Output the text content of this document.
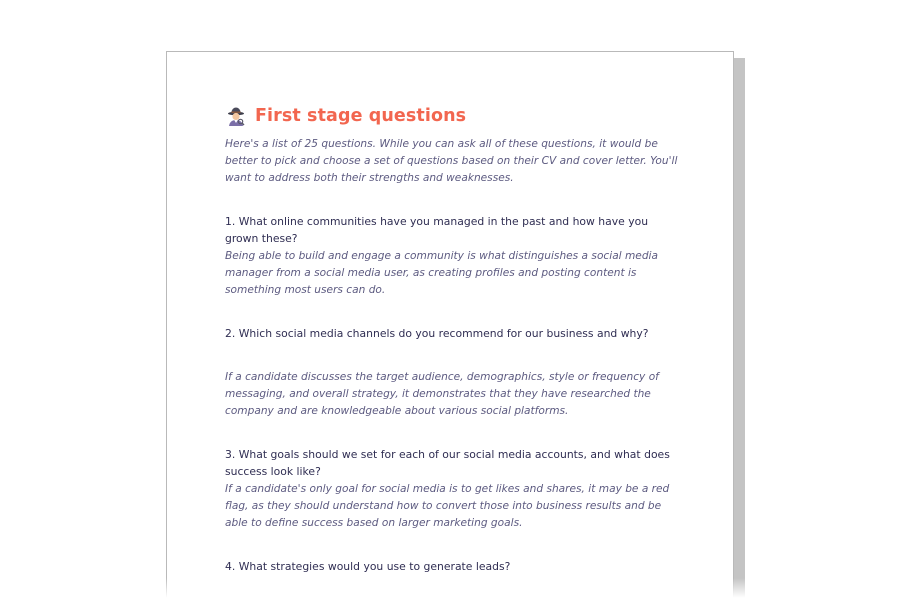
First stage questions

Here's a list of 25 questions. While you can ask all of these questions, it would be better to pick and choose a set of questions based on their CV and cover letter. You'll want to address both their strengths and weaknesses.

1. What online communities have you managed in the past and how have you grown these?

Being able to build and engage a community is what distinguishes a social media manager from a social media user, as creating profiles and posting content is something most users can do.

2. Which social media channels do you recommend for our business and why?

If a candidate discusses the target audience, demographics, style or frequency of messaging, and overall strategy, it demonstrates that they have researched the company and are knowledgeable about various social platforms.

3. What goals should we set for each of our social media accounts, and what does success look like?

If a candidate's only goal for social media is to get likes and shares, it may be a red flag, as they should understand how to convert those into business results and be able to define success based on larger marketing goals.

4. What strategies would you use to generate leads?
